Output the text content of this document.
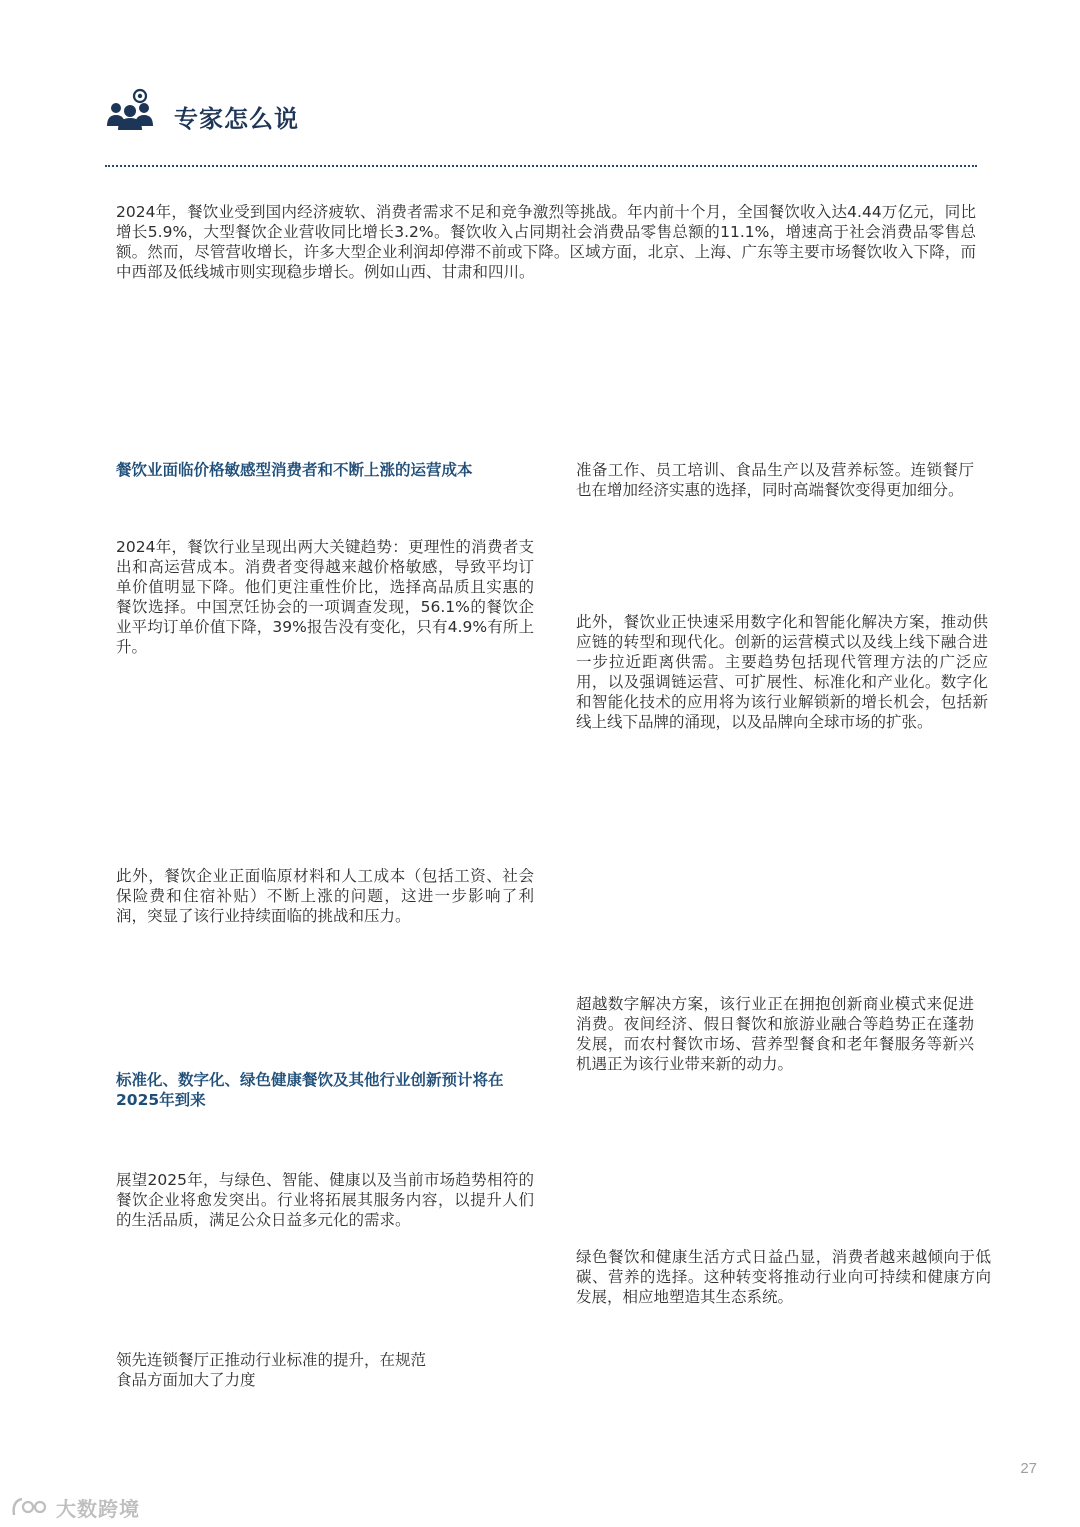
专家怎么说
2024年，餐饮业受到国内经济疲软、消费者需求不足和竞争激烈等挑战。年内前十个月，全国餐饮收入达4.44万亿元，同比增长5.9%，大型餐饮企业营收同比增长3.2%。餐饮收入占同期社会消费品零售总额的11.1%，增速高于社会消费品零售总额。然而，尽管营收增长，许多大型企业利润却停滞不前或下降。区域方面，北京、上海、广东等主要市场餐饮收入下降，而中西部及低线城市则实现稳步增长。例如山西、甘肃和四川。
餐饮业面临价格敏感型消费者和不断上涨的运营成本
2024年，餐饮行业呈现出两大关键趋势：更理性的消费者支出和高运营成本。消费者变得越来越价格敏感，导致平均订单价值明显下降。他们更注重性价比，选择高品质且实惠的餐饮选择。中国烹饪协会的一项调查发现，56.1%的餐饮企业平均订单价值下降，39%报告没有变化，只有4.9%有所上升。
此外，餐饮企业正面临原材料和人工成本（包括工资、社会保险费和住宿补贴）不断上涨的问题，这进一步影响了利润，突显了该行业持续面临的挑战和压力。
标准化、数字化、绿色健康餐饮及其他行业创新预计将在2025年到来
展望2025年，与绿色、智能、健康以及当前市场趋势相符的餐饮企业将愈发突出。行业将拓展其服务内容，以提升人们的生活品质，满足公众日益多元化的需求。
领先连锁餐厅正推动行业标准的提升，在规范
食品方面加大了力度
准备工作、员工培训、食品生产以及营养标签。连锁餐厅也在增加经济实惠的选择，同时高端餐饮变得更加细分。
此外，餐饮业正快速采用数字化和智能化解决方案，推动供应链的转型和现代化。创新的运营模式以及线上线下融合进一步拉近距离供需。主要趋势包括现代管理方法的广泛应用，以及强调链运营、可扩展性、标准化和产业化。数字化和智能化技术的应用将为该行业解锁新的增长机会，包括新线上线下品牌的涌现，以及品牌向全球市场的扩张。
超越数字解决方案，该行业正在拥抱创新商业模式来促进消费。夜间经济、假日餐饮和旅游业融合等趋势正在蓬勃发展，而农村餐饮市场、营养型餐食和老年餐服务等新兴机遇正为该行业带来新的动力。
绿色餐饮和健康生活方式日益凸显，消费者越来越倾向于低碳、营养的选择。这种转变将推动行业向可持续和健康方向发展，相应地塑造其生态系统。
27
大数跨境
